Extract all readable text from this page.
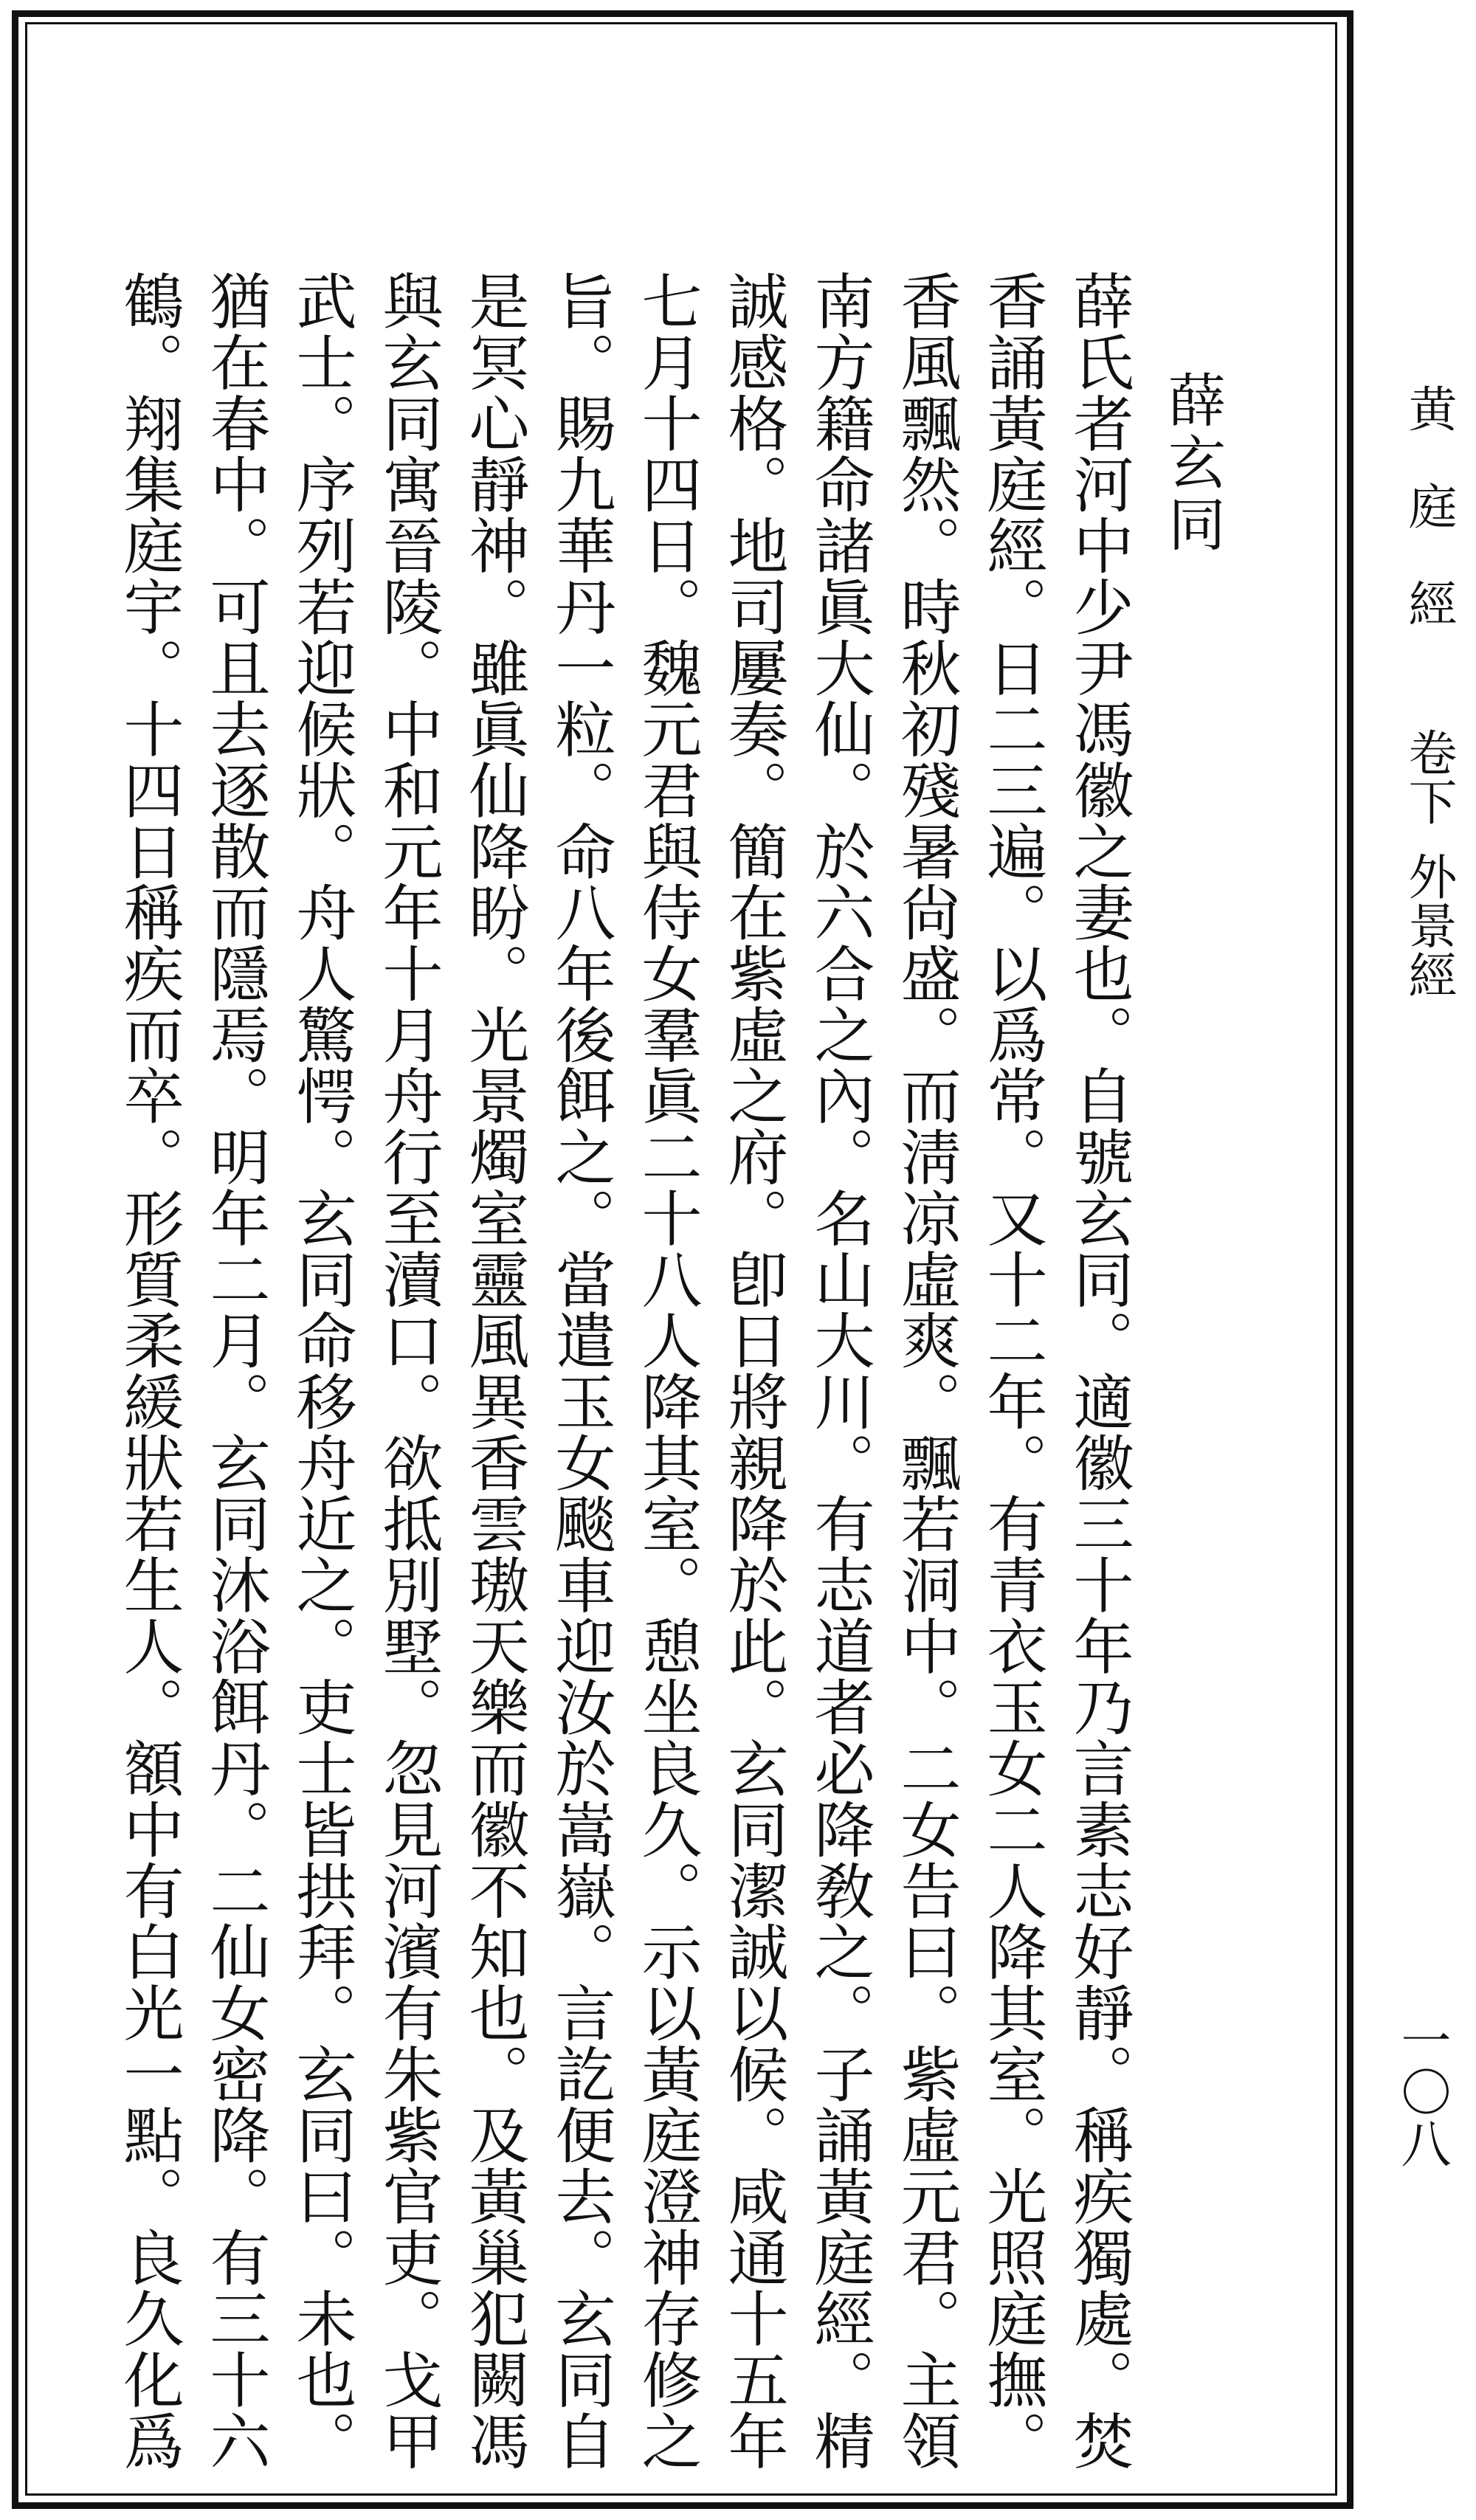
黄庭經卷下外景經
一〇八
薛玄同
薛氏者河中少尹馮徽之妻也。自號玄同。適徽三十年乃言素志好靜。稱疾獨處。焚
香誦黃庭經。日二三遍。以爲常。又十二年。有青衣玉女二人降其室。光照庭撫。
香風飄然。時秋初殘暑尙盛。而淸凉虛爽。飄若洞中。二女告曰。紫虛元君。主領
南方籍命諸眞大仙。於六合之內。名山大川。有志道者必降敎之。子誦黃庭經。精
誠感格。地司屢奏。簡在紫虛之府。卽日將親降於此。玄同潔誠以候。咸通十五年
七月十四日。魏元君與侍女羣眞二十八人降其室。憩坐良久。示以黃庭澄神存修之
旨。賜九華丹一粒。命八年後餌之。當遣玉女颷車迎汝於嵩嶽。言訖便去。玄同自
是冥心靜神。雖眞仙降盼。光景燭室靈風異香雲璈天樂而徽不知也。及黃巢犯闕馮
與玄同寓晉陵。中和元年十月舟行至瀆口。欲抵別墅。忽見河濱有朱紫官吏。戈甲
武士。序列若迎候狀。舟人驚愕。玄同命移舟近之。吏士皆拱拜。玄同曰。未也。
猶在春中。可且去逐散而隱焉。明年二月。玄同沐浴餌丹。二仙女密降。有三十六
鶴。翔集庭宇。十四日稱疾而卒。形質柔緩狀若生人。額中有白光一點。良久化爲
